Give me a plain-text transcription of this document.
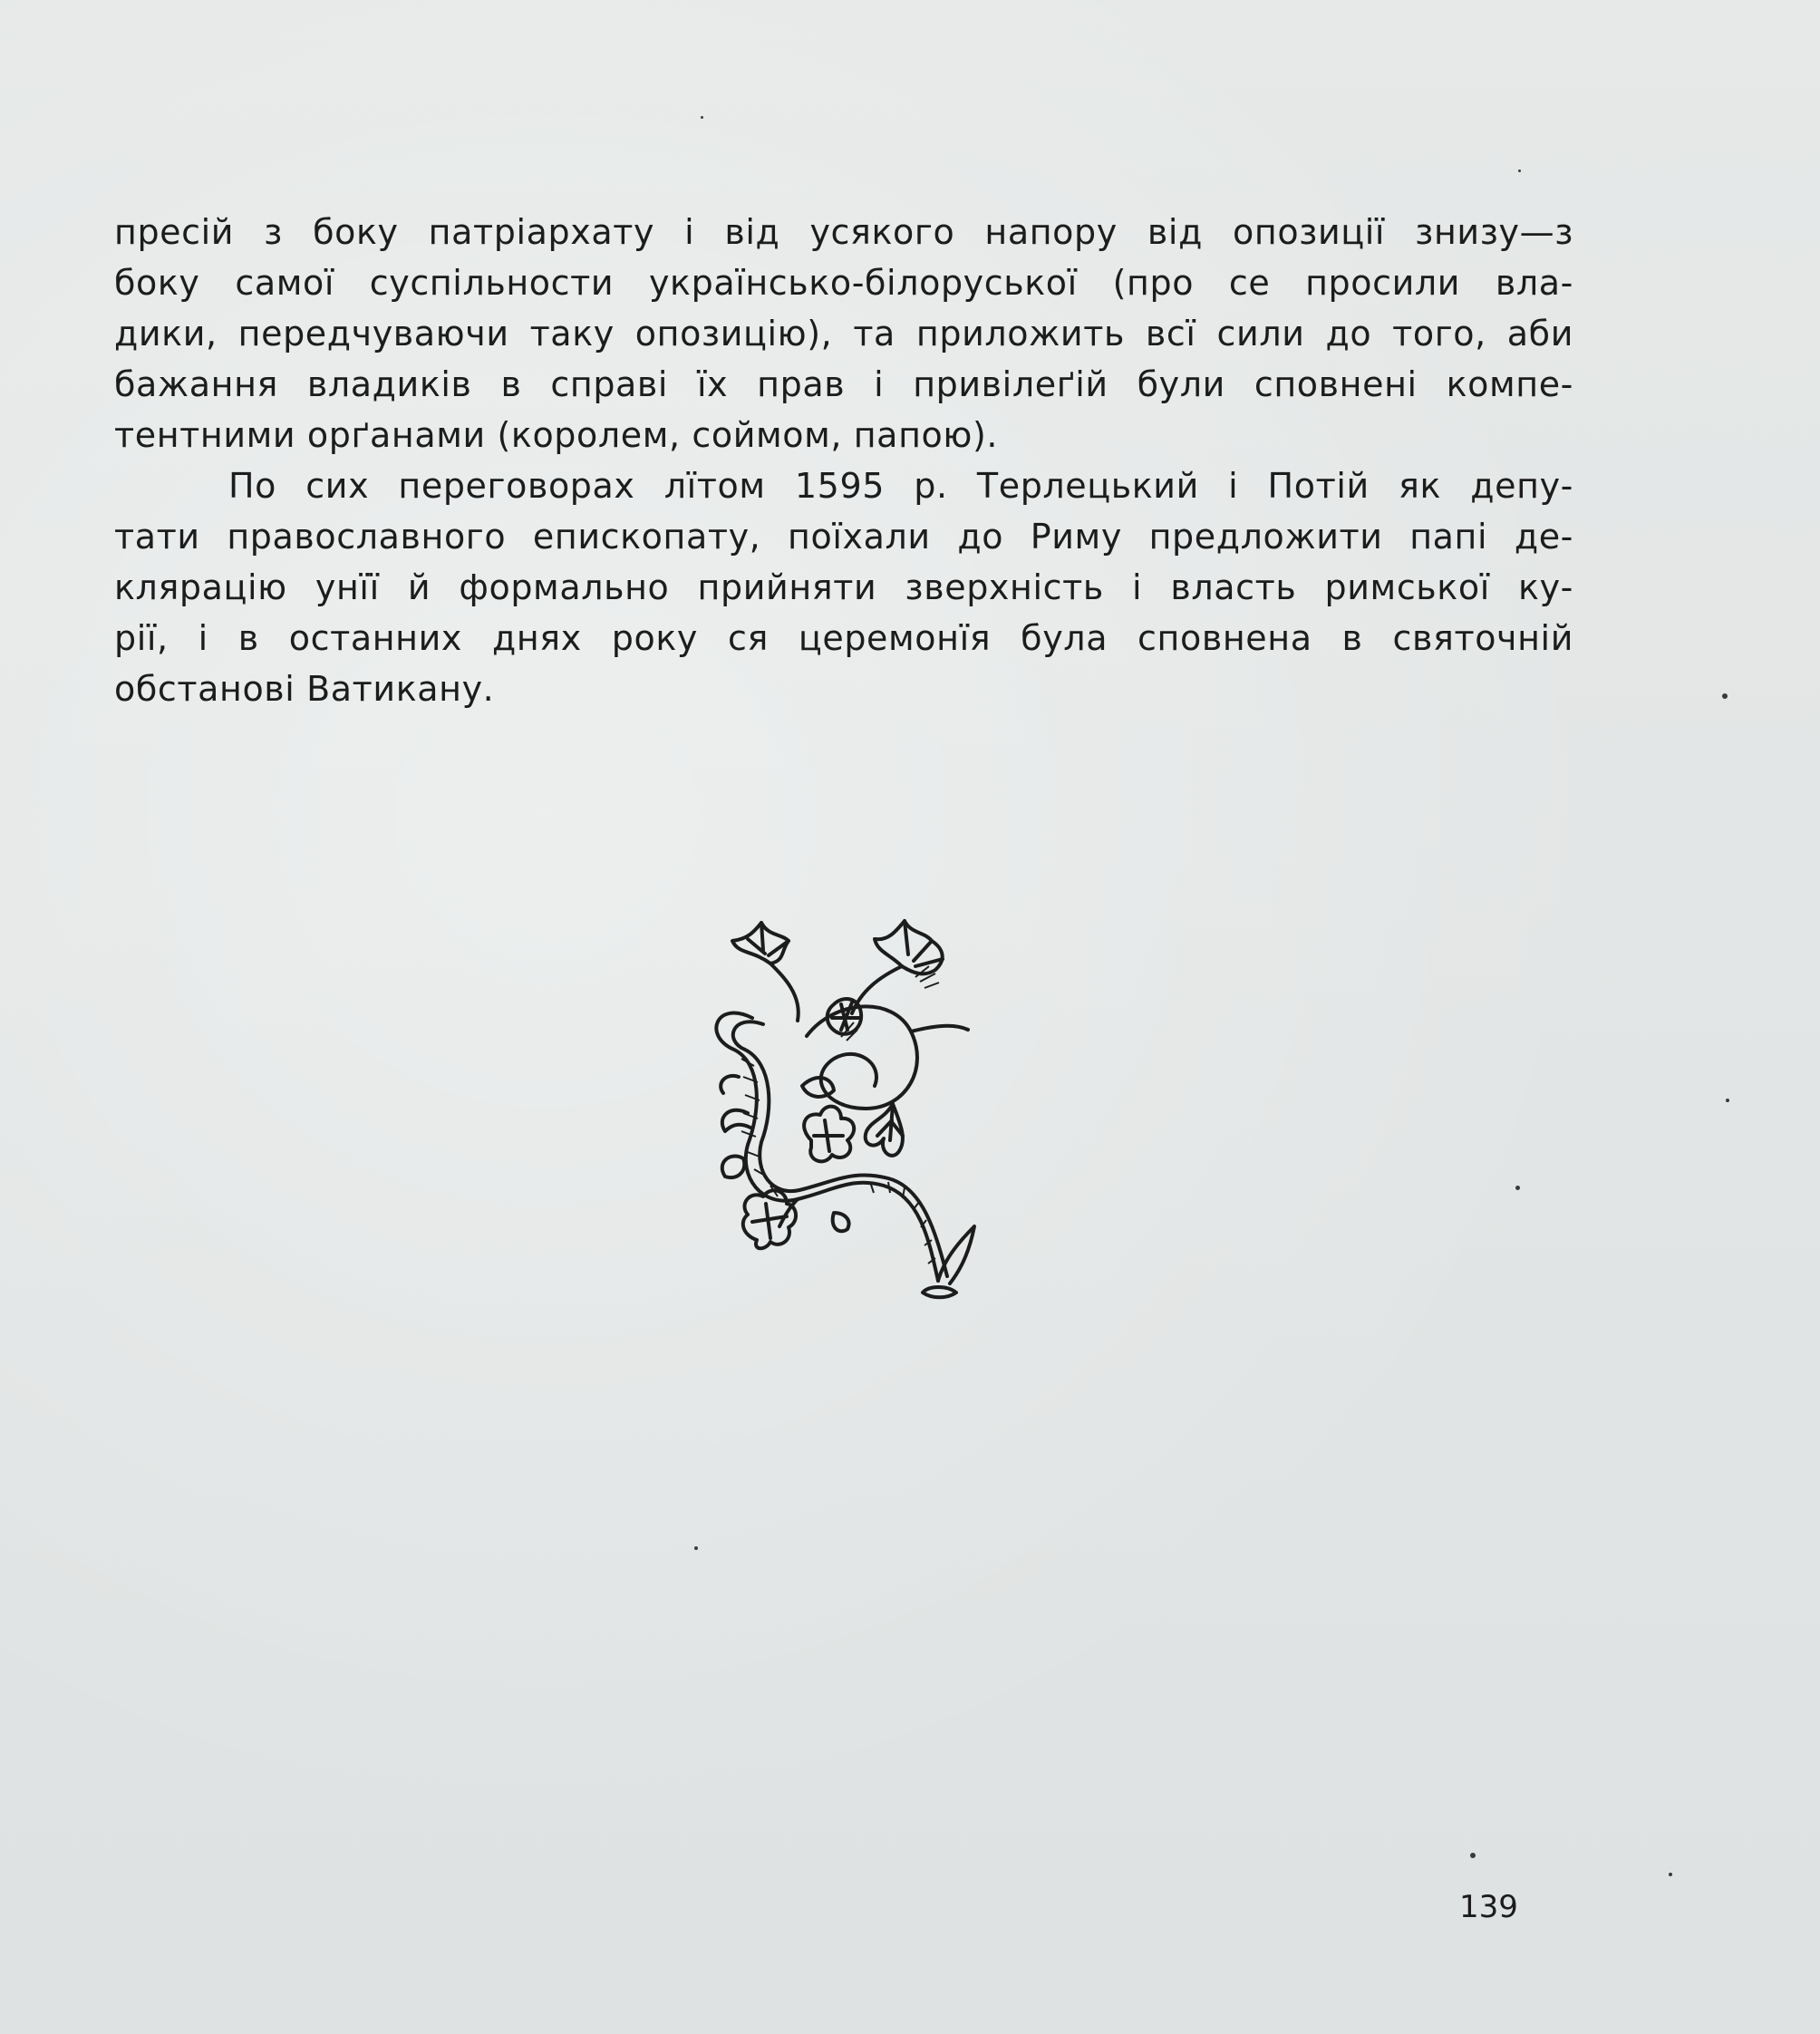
пресій з боку патріархату і від усякого напору від опозиції знизу—з
боку самої суспільности українсько-білоруської (про се просили вла-
дики, передчуваючи таку опозицію), та приложить всї сили до того, аби
бажання владиків в справі їх прав і привілеґій були сповнені компе-
тентними орґанами (королем, соймом, папою).
По сих переговорах лїтом 1595 р. Терлецький і Потій як депу-
тати православного епископату, поїхали до Риму предложити папі де-
клярацію унїї й формально прийняти зверхність і власть римської ку-
рії, і в останних днях року ся церемонїя була сповнена в святочній
обстанові Ватикану.
139
